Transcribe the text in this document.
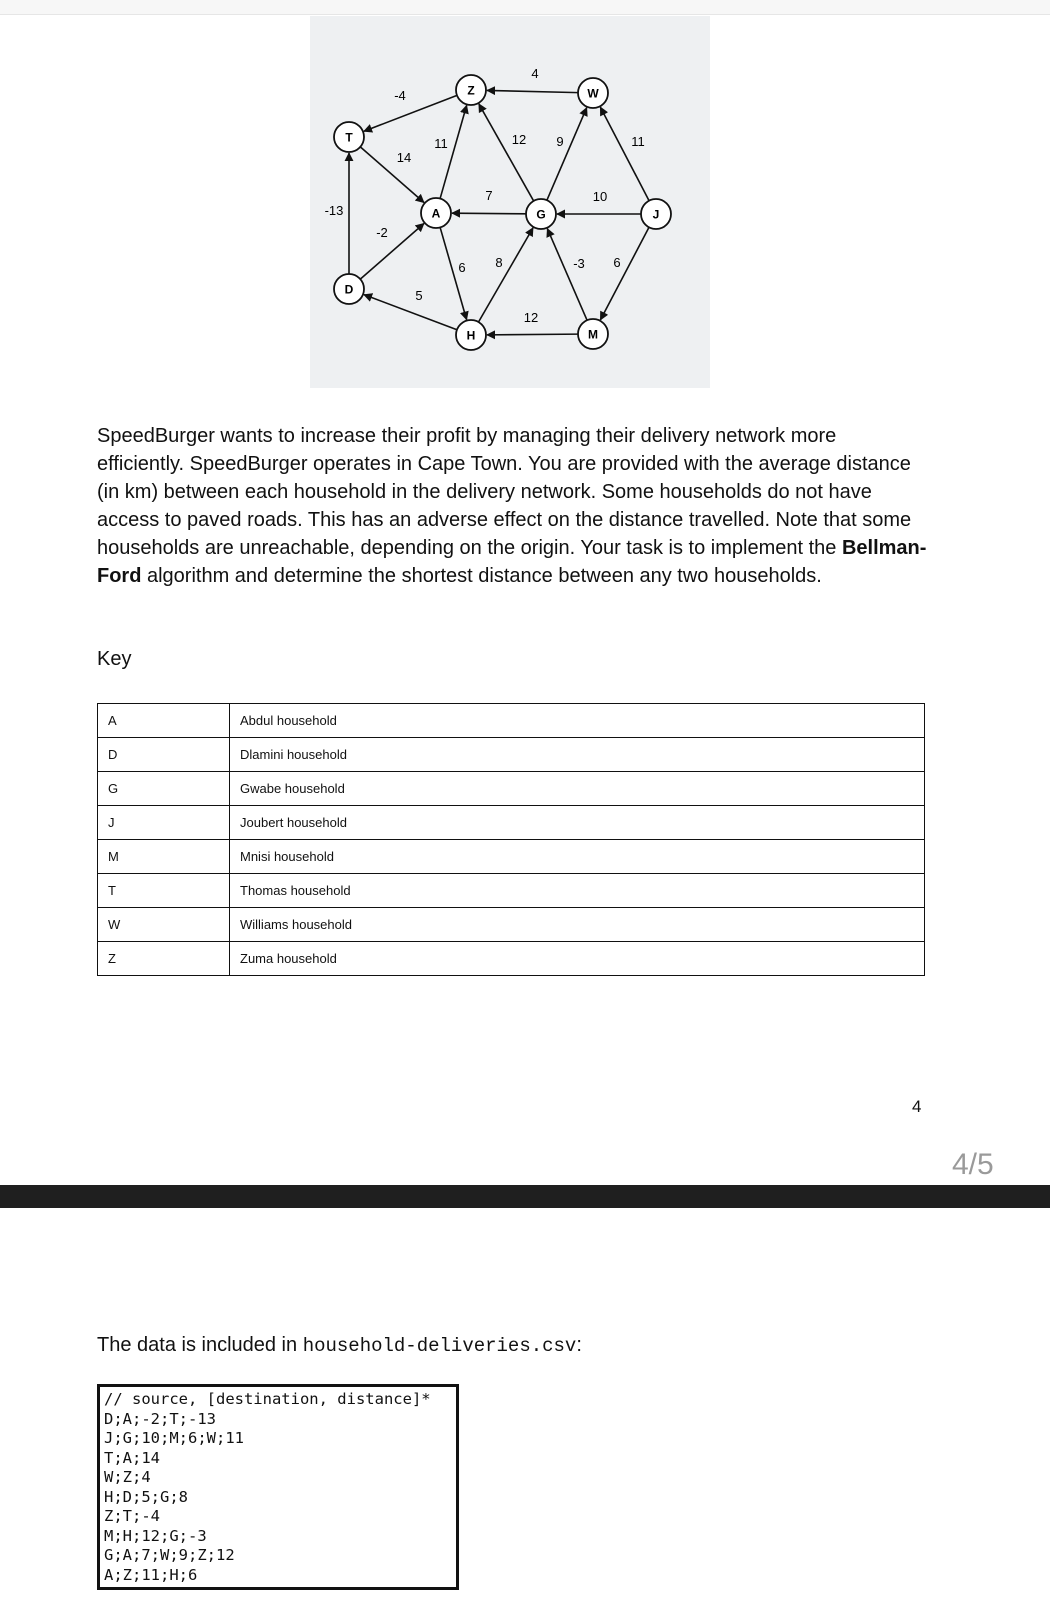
4
-4
14
11	12 9	11
-13
-2
7	10
6 8	-3 6
5
12
Z	W
T
A	G	J
D
H	M
SpeedBurger wants to increase their profit by managing their delivery network more efficiently. SpeedBurger operates in Cape Town. You are provided with the average distance (in km) between each household in the delivery network. Some households do not have access to paved roads. This has an adverse effect on the distance travelled. Note that some households are unreachable, depending on the origin. Your task is to implement the Bellman-Ford algorithm and determine the shortest distance between any two households.
Key
A	Abdul household
D	Dlamini household
G	Gwabe household
J	Joubert household
M	Mnisi household
T	Thomas household
W	Williams household
Z	Zuma household
4
4/5
The data is included in household-deliveries.csv:
// source, [destination, distance]*
D;A;-2;T;-13
J;G;10;M;6;W;11
T;A;14
W;Z;4
H;D;5;G;8
Z;T;-4
M;H;12;G;-3
G;A;7;W;9;Z;12
A;Z;11;H;6
